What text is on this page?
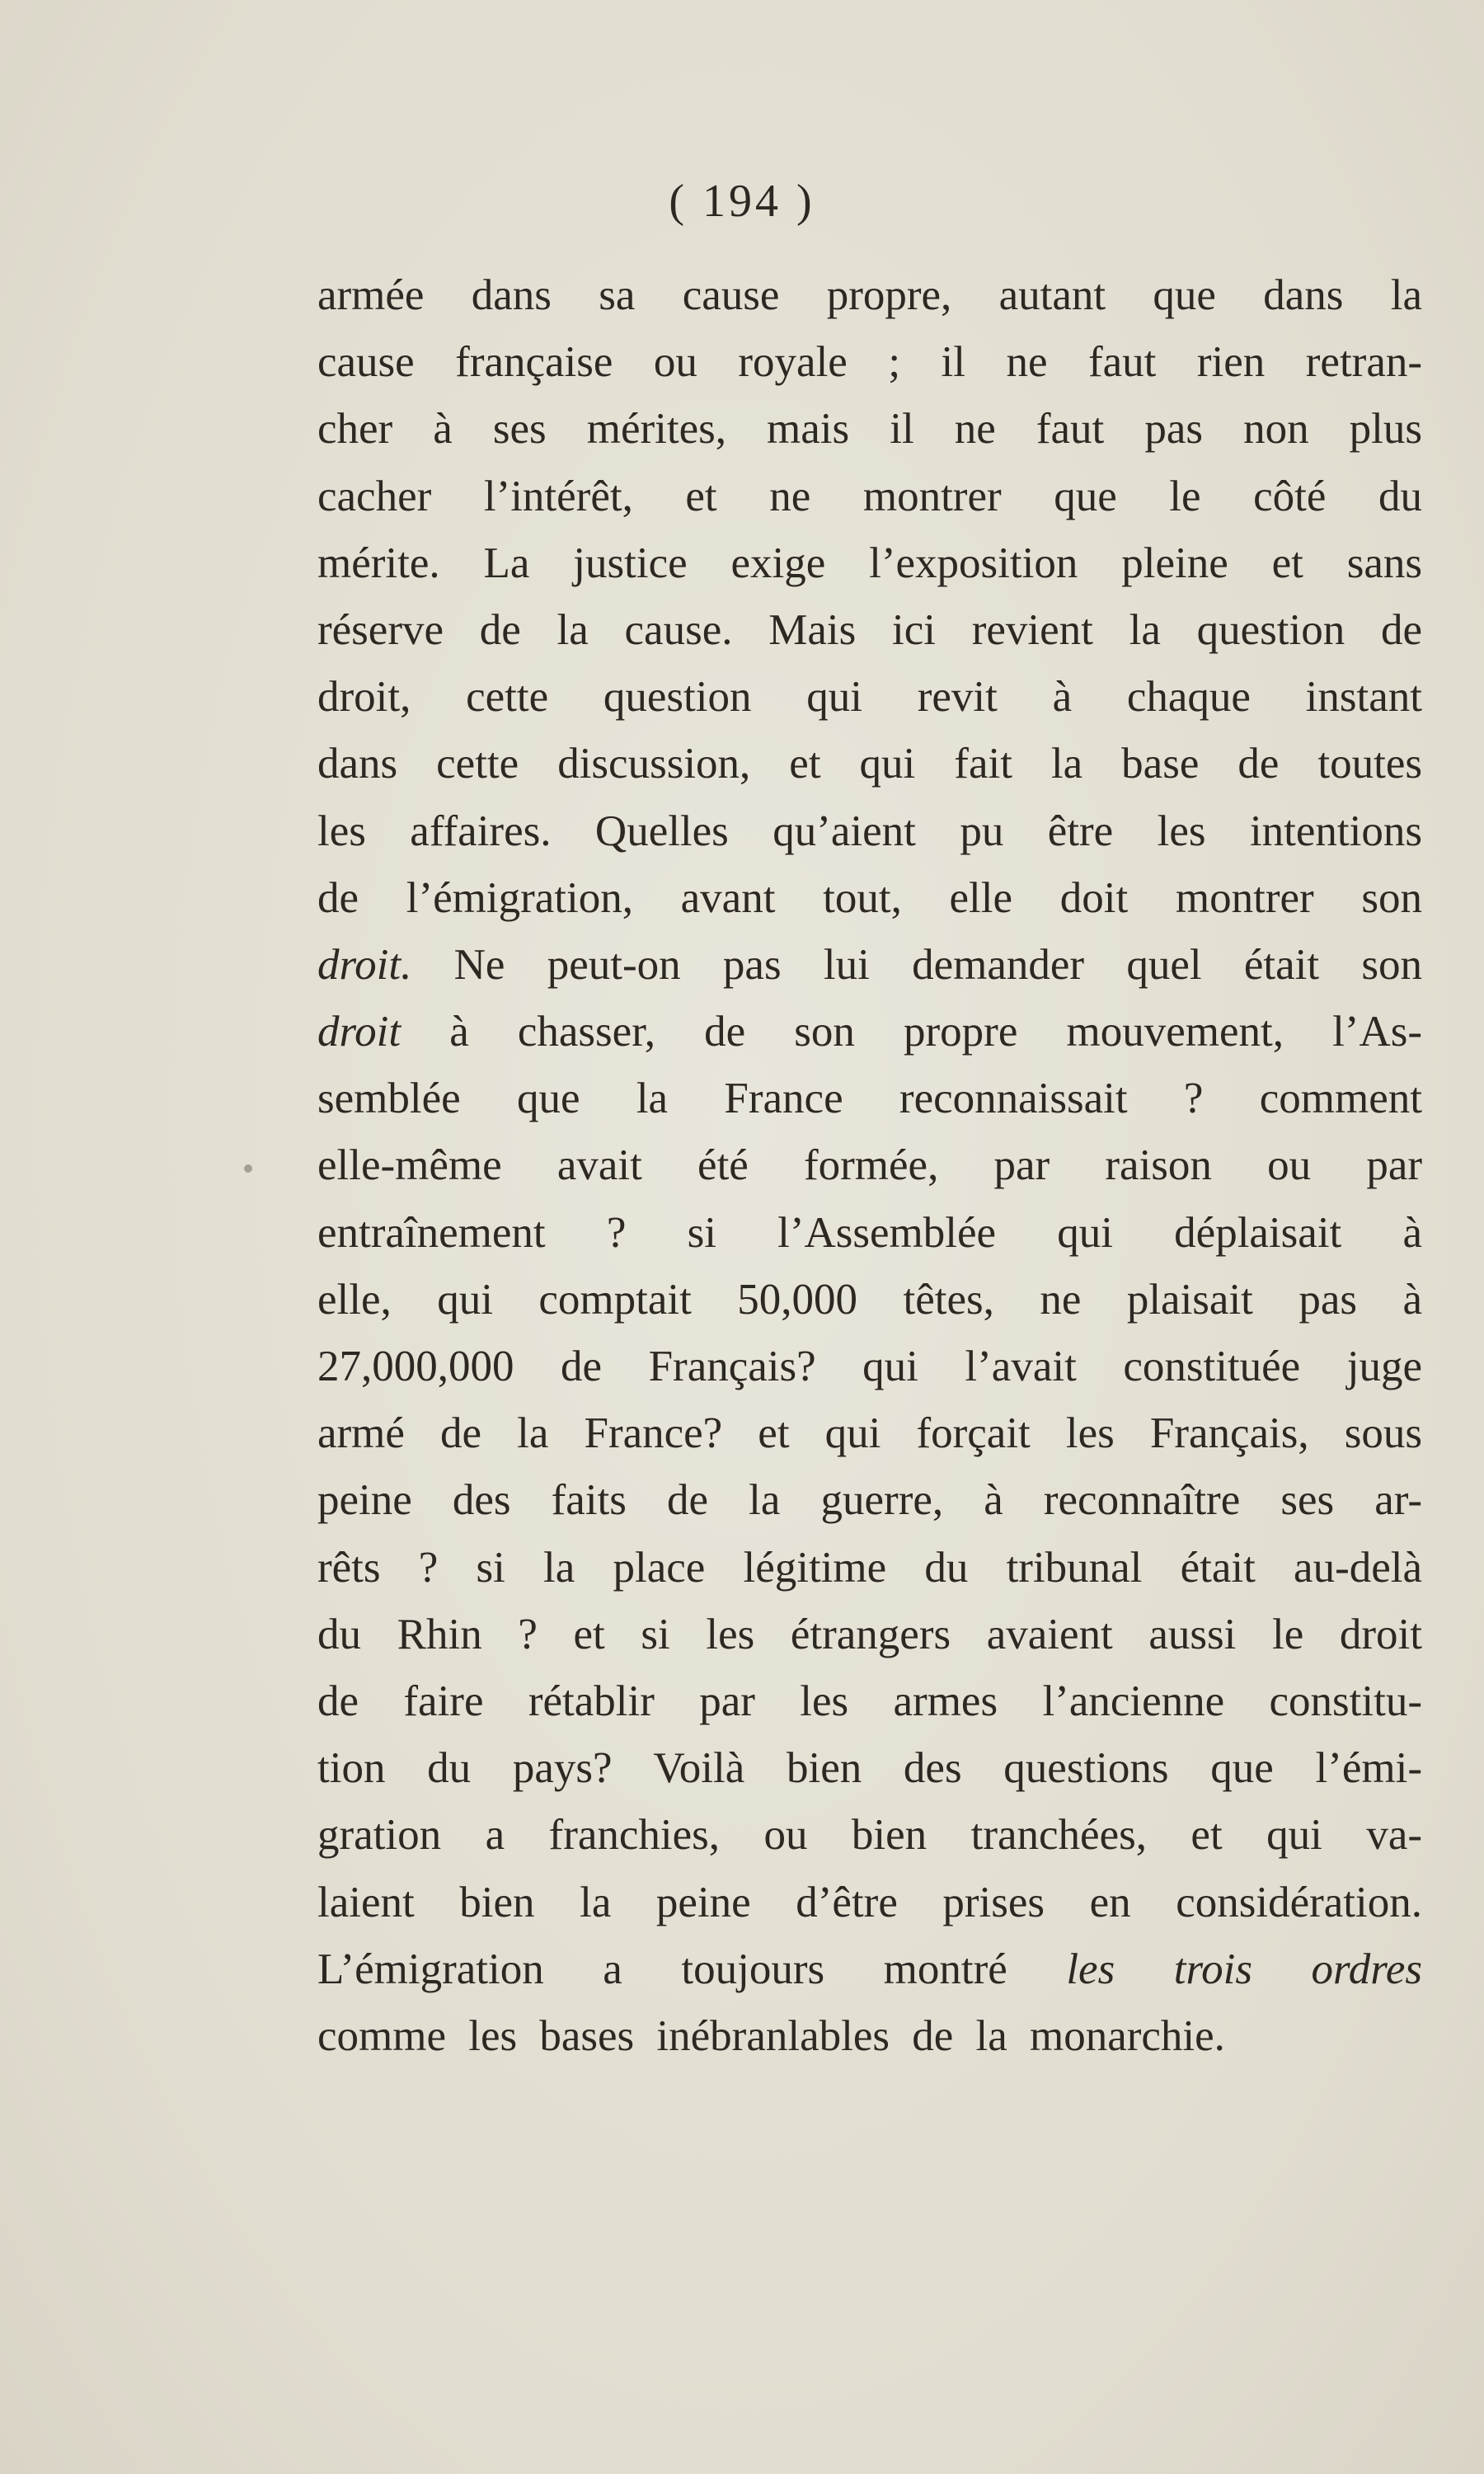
( 194 )
armée dans sa cause propre, autant que dans la
cause française ou royale ; il ne faut rien retran-
cher à ses mérites, mais il ne faut pas non plus
cacher l’intérêt, et ne montrer que le côté du
mérite. La justice exige l’exposition pleine et sans
réserve de la cause. Mais ici revient la question de
droit, cette question qui revit à chaque instant
dans cette discussion, et qui fait la base de toutes
les affaires. Quelles qu’aient pu être les intentions
de l’émigration, avant tout, elle doit montrer son
droit. Ne peut-on pas lui demander quel était son
droit à chasser, de son propre mouvement, l’As-
semblée que la France reconnaissait ? comment
elle-même avait été formée, par raison ou par
entraînement ? si l’Assemblée qui déplaisait à
elle, qui comptait 50,000 têtes, ne plaisait pas à
27,000,000 de Français? qui l’avait constituée juge
armé de la France? et qui forçait les Français, sous
peine des faits de la guerre, à reconnaître ses ar-
rêts ? si la place légitime du tribunal était au-delà
du Rhin ? et si les étrangers avaient aussi le droit
de faire rétablir par les armes l’ancienne constitu-
tion du pays? Voilà bien des questions que l’émi-
gration a franchies, ou bien tranchées, et qui va-
laient bien la peine d’être prises en considération.
L’émigration a toujours montré les trois ordres
comme les bases inébranlables de la monarchie.
